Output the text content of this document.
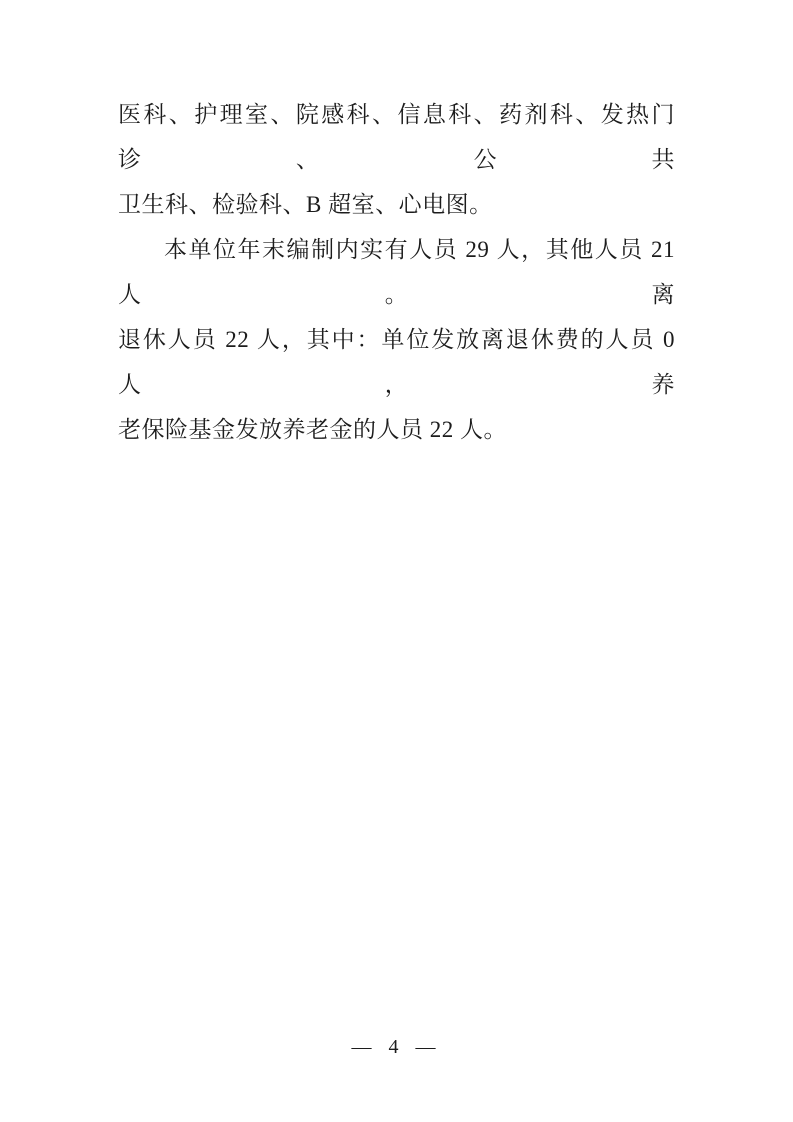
医科、护理室、院感科、信息科、药剂科、发热门诊、公共
卫生科、检验科、B 超室、心电图。

本单位年末编制内实有人员 29 人，其他人员 21 人。离
退休人员 22 人，其中：单位发放离退休费的人员 0 人，养
老保险基金发放养老金的人员 22 人。

— 4 —
